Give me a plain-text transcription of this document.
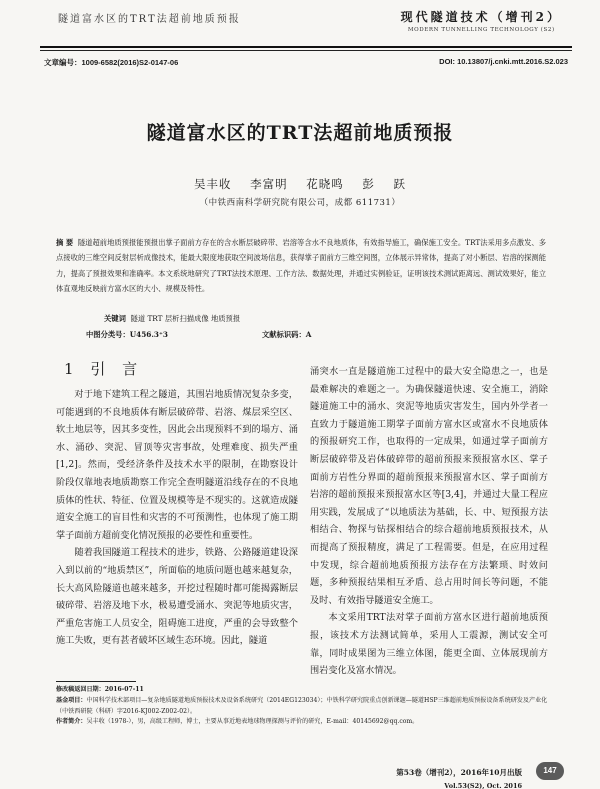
隧道富水区的TRT法超前地质预报	现代隧道技术（增刊2）
MODERN TUNNELLING TECHNOLOGY (S2)
文章编号：1009-6582(2016)S2-0147-06	DOI: 10.13807/j.cnki.mtt.2016.S2.023
隧道富水区的TRT法超前地质预报
吴丰收 李富明 花晓鸣 彭 跃
（中铁西南科学研究院有限公司，成都 611731）
摘 要 隧道超前地质预报能预报出掌子面前方存在的含水断层破碎带、岩溶等含水不良地质体，有效指导施工，确保施工安全。TRT法采用多点激发、多点接收的三维空间反射层析成像技术，能最大限度地获取空间波场信息，获得掌子面前方三维空间图，立体展示异常体，提高了对小断层、岩溶的探测能力，提高了预报效果和准确率。本文系统地研究了TRT法技术原理、工作方法、数据处理，并通过实例验证，证明该技术测试距离远、测试效果好，能立体直观地反映前方富水区的大小、规模及特性。
关键词 隧道 TRT 层析扫描成像 地质预报
中图分类号：U456.3⁺3	文献标识码：A
1 引 言

对于地下建筑工程之隧道，其围岩地质情况复杂多变，可能遇到的不良地质体有断层破碎带、岩溶、煤层采空区、软土地层等，因其多变性，因此会出现预料不到的塌方、涌水、涌砂、突泥、冒顶等灾害事故，处理难度、损失严重[1,2]。然而，受经济条件及技术水平的限制，在勘察设计阶段仅靠地表地质勘察工作完全查明隧道沿线存在的不良地质体的性状、特征、位置及规模等是不现实的。这就造成隧道安全施工的盲目性和灾害的不可预测性，也体现了施工期掌子面前方超前变化情况预报的必要性和重要性。

随着我国隧道工程技术的进步，铁路、公路隧道建设深入到以前的“地质禁区”，所面临的地质问题也越来越复杂，长大高风险隧道也越来越多，开挖过程随时都可能揭露断层破碎带、岩溶及地下水，极易遭受涌水、突泥等地质灾害，严重危害施工人员安全，阻碍施工进度，严重的会导致整个施工失败，更有甚者破坏区域生态环境。因此，隧道

涌突水一直是隧道施工过程中的最大安全隐患之一，也是最难解决的难题之一。为确保隧道快速、安全施工，消除隧道施工中的涌水、突泥等地质灾害发生，国内外学者一直致力于隧道施工期掌子面前方富水区或富水不良地质体的预报研究工作，也取得的一定成果，如通过掌子面前方断层破碎带及岩体破碎带的超前预报来预报富水区、掌子面前方岩性分界面的超前预报来预报富水区、掌子面前方岩溶的超前预报来预报富水区等[3,4]，并通过大量工程应用实践，发展成了“以地质法为基础，长、中、短预报方法相结合、物探与钻探相结合的综合超前地质预报技术，从而提高了预报精度，满足了工程需要。但是，在应用过程中发现，综合超前地质预报方法存在方法繁琐、时效问题，多种预报结果相互矛盾、总占用时间长等问题，不能及时、有效指导隧道安全施工。

本文采用TRT法对掌子面前方富水区进行超前地质预报，该技术方法测试简单，采用人工震源，测试安全可靠，同时成果图为三维立体图，能更全面、立体展现前方围岩变化及富水情况。

修改稿返回日期：2016-07-11
基金项目：中国科学技术部项目—复杂地质隧道地质预报技术及设备系统研究（2014EG123034）；中铁科学研究院重点创新课题—隧道HSP三维超前地质预报设备系统研发及产业化（中铁西研院（科研）字2016-KJ002-Z002-02）。
作者简介：吴丰收（1978-），男，高级工程师，博士，主要从事近地表地球物理探测与评价的研究，E-mail：40145692@qq.com。
第53卷（增刊2），2016年10月出版	147
Vol.53(S2), Oct. 2016
